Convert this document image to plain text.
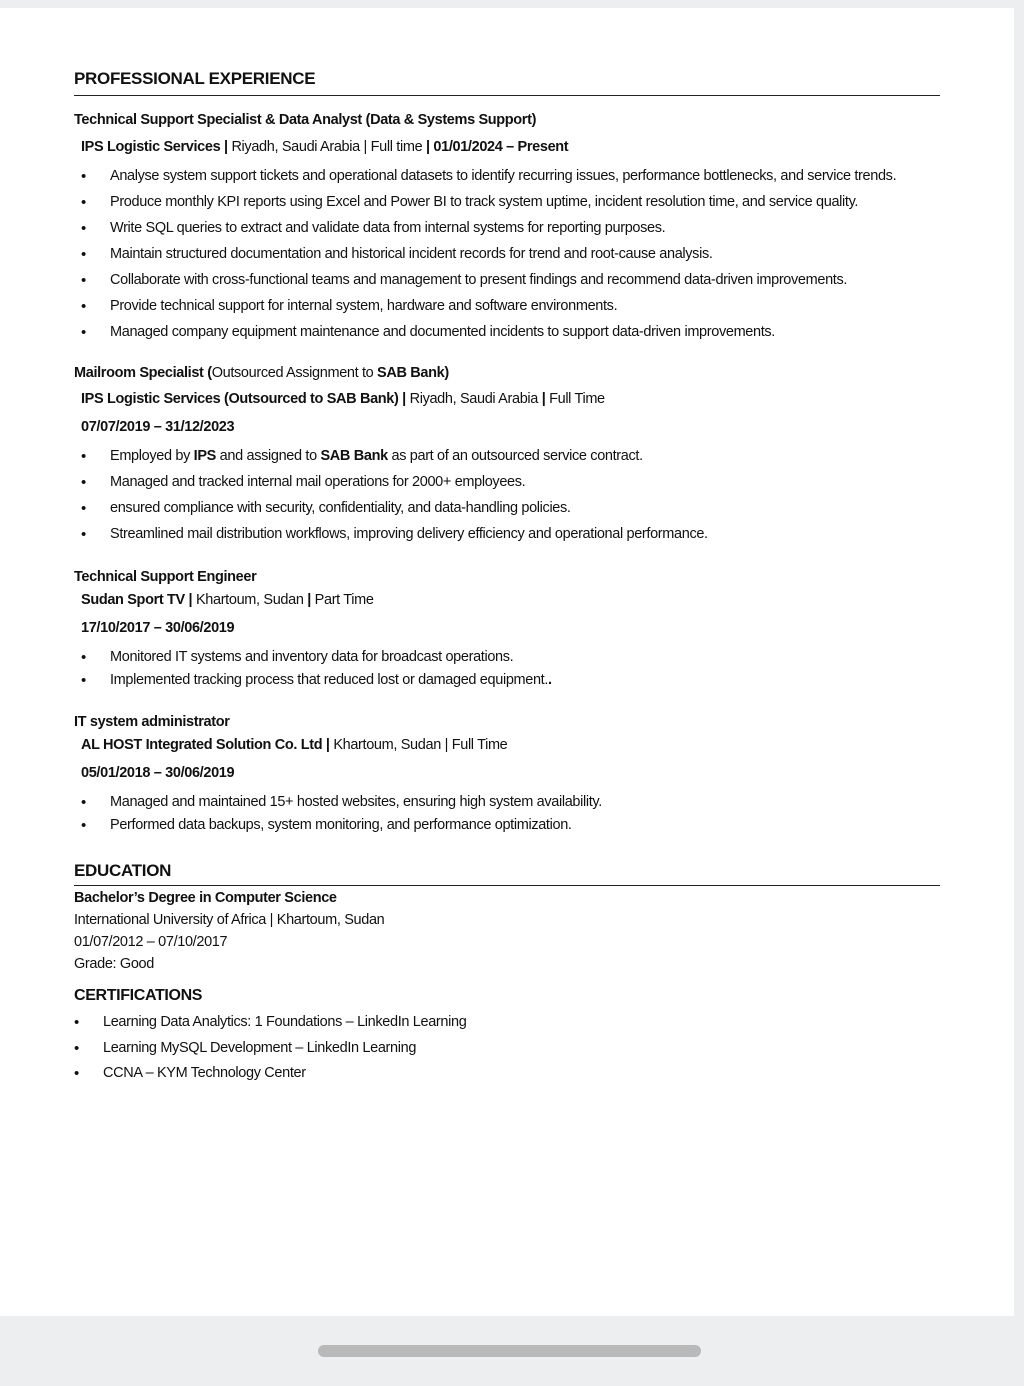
PROFESSIONAL EXPERIENCE
Technical Support Specialist & Data Analyst (Data & Systems Support)
IPS Logistic Services | Riyadh, Saudi Arabia | Full time | 01/01/2024 – Present
• Analyse system support tickets and operational datasets to identify recurring issues, performance bottlenecks, and service trends.
• Produce monthly KPI reports using Excel and Power BI to track system uptime, incident resolution time, and service quality.
• Write SQL queries to extract and validate data from internal systems for reporting purposes.
• Maintain structured documentation and historical incident records for trend and root-cause analysis.
• Collaborate with cross-functional teams and management to present findings and recommend data-driven improvements.
• Provide technical support for internal system, hardware and software environments.
• Managed company equipment maintenance and documented incidents to support data-driven improvements.
Mailroom Specialist (Outsourced Assignment to SAB Bank)
IPS Logistic Services (Outsourced to SAB Bank) | Riyadh, Saudi Arabia | Full Time
07/07/2019 – 31/12/2023
• Employed by IPS and assigned to SAB Bank as part of an outsourced service contract.
• Managed and tracked internal mail operations for 2000+ employees.
• ensured compliance with security, confidentiality, and data-handling policies.
• Streamlined mail distribution workflows, improving delivery efficiency and operational performance.
Technical Support Engineer
Sudan Sport TV | Khartoum, Sudan | Part Time
17/10/2017 – 30/06/2019
• Monitored IT systems and inventory data for broadcast operations.
• Implemented tracking process that reduced lost or damaged equipment..
IT system administrator
AL HOST Integrated Solution Co. Ltd | Khartoum, Sudan | Full Time
05/01/2018 – 30/06/2019
• Managed and maintained 15+ hosted websites, ensuring high system availability.
• Performed data backups, system monitoring, and performance optimization.
EDUCATION
Bachelor’s Degree in Computer Science
International University of Africa | Khartoum, Sudan
01/07/2012 – 07/10/2017
Grade: Good
CERTIFICATIONS
• Learning Data Analytics: 1 Foundations – LinkedIn Learning
• Learning MySQL Development – LinkedIn Learning
• CCNA – KYM Technology Center
